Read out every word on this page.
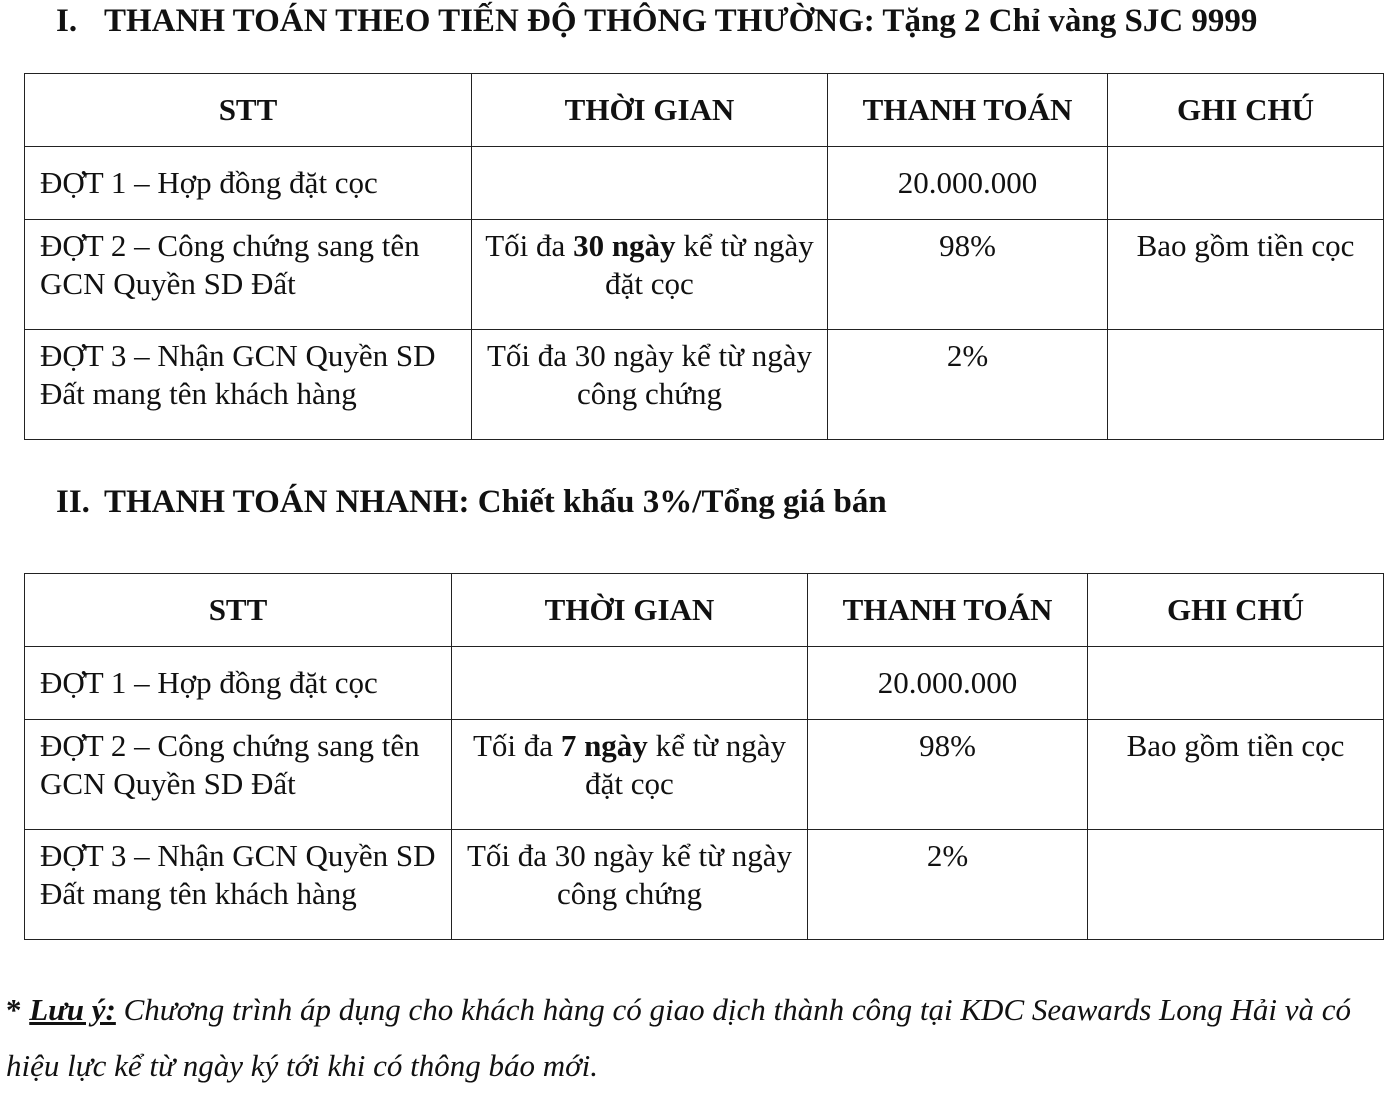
I. THANH TOÁN THEO TIẾN ĐỘ THÔNG THƯỜNG: Tặng 2 Chỉ vàng SJC 9999
STT	THỜI GIAN	THANH TOÁN	GHI CHÚ
ĐỢT 1 – Hợp đồng đặt cọc		20.000.000	
ĐỢT 2 – Công chứng sang tên GCN Quyền SD Đất	Tối đa 30 ngày kể từ ngày đặt cọc	98%	Bao gồm tiền cọc
ĐỢT 3 – Nhận GCN Quyền SD Đất mang tên khách hàng	Tối đa 30 ngày kể từ ngày công chứng	2%	
II. THANH TOÁN NHANH: Chiết khấu 3%/Tổng giá bán
STT	THỜI GIAN	THANH TOÁN	GHI CHÚ
ĐỢT 1 – Hợp đồng đặt cọc		20.000.000	
ĐỢT 2 – Công chứng sang tên GCN Quyền SD Đất	Tối đa 7 ngày kể từ ngày đặt cọc	98%	Bao gồm tiền cọc
ĐỢT 3 – Nhận GCN Quyền SD Đất mang tên khách hàng	Tối đa 30 ngày kể từ ngày công chứng	2%	
* Lưu ý: Chương trình áp dụng cho khách hàng có giao dịch thành công tại KDC Seawards Long Hải và có hiệu lực kể từ ngày ký tới khi có thông báo mới.
